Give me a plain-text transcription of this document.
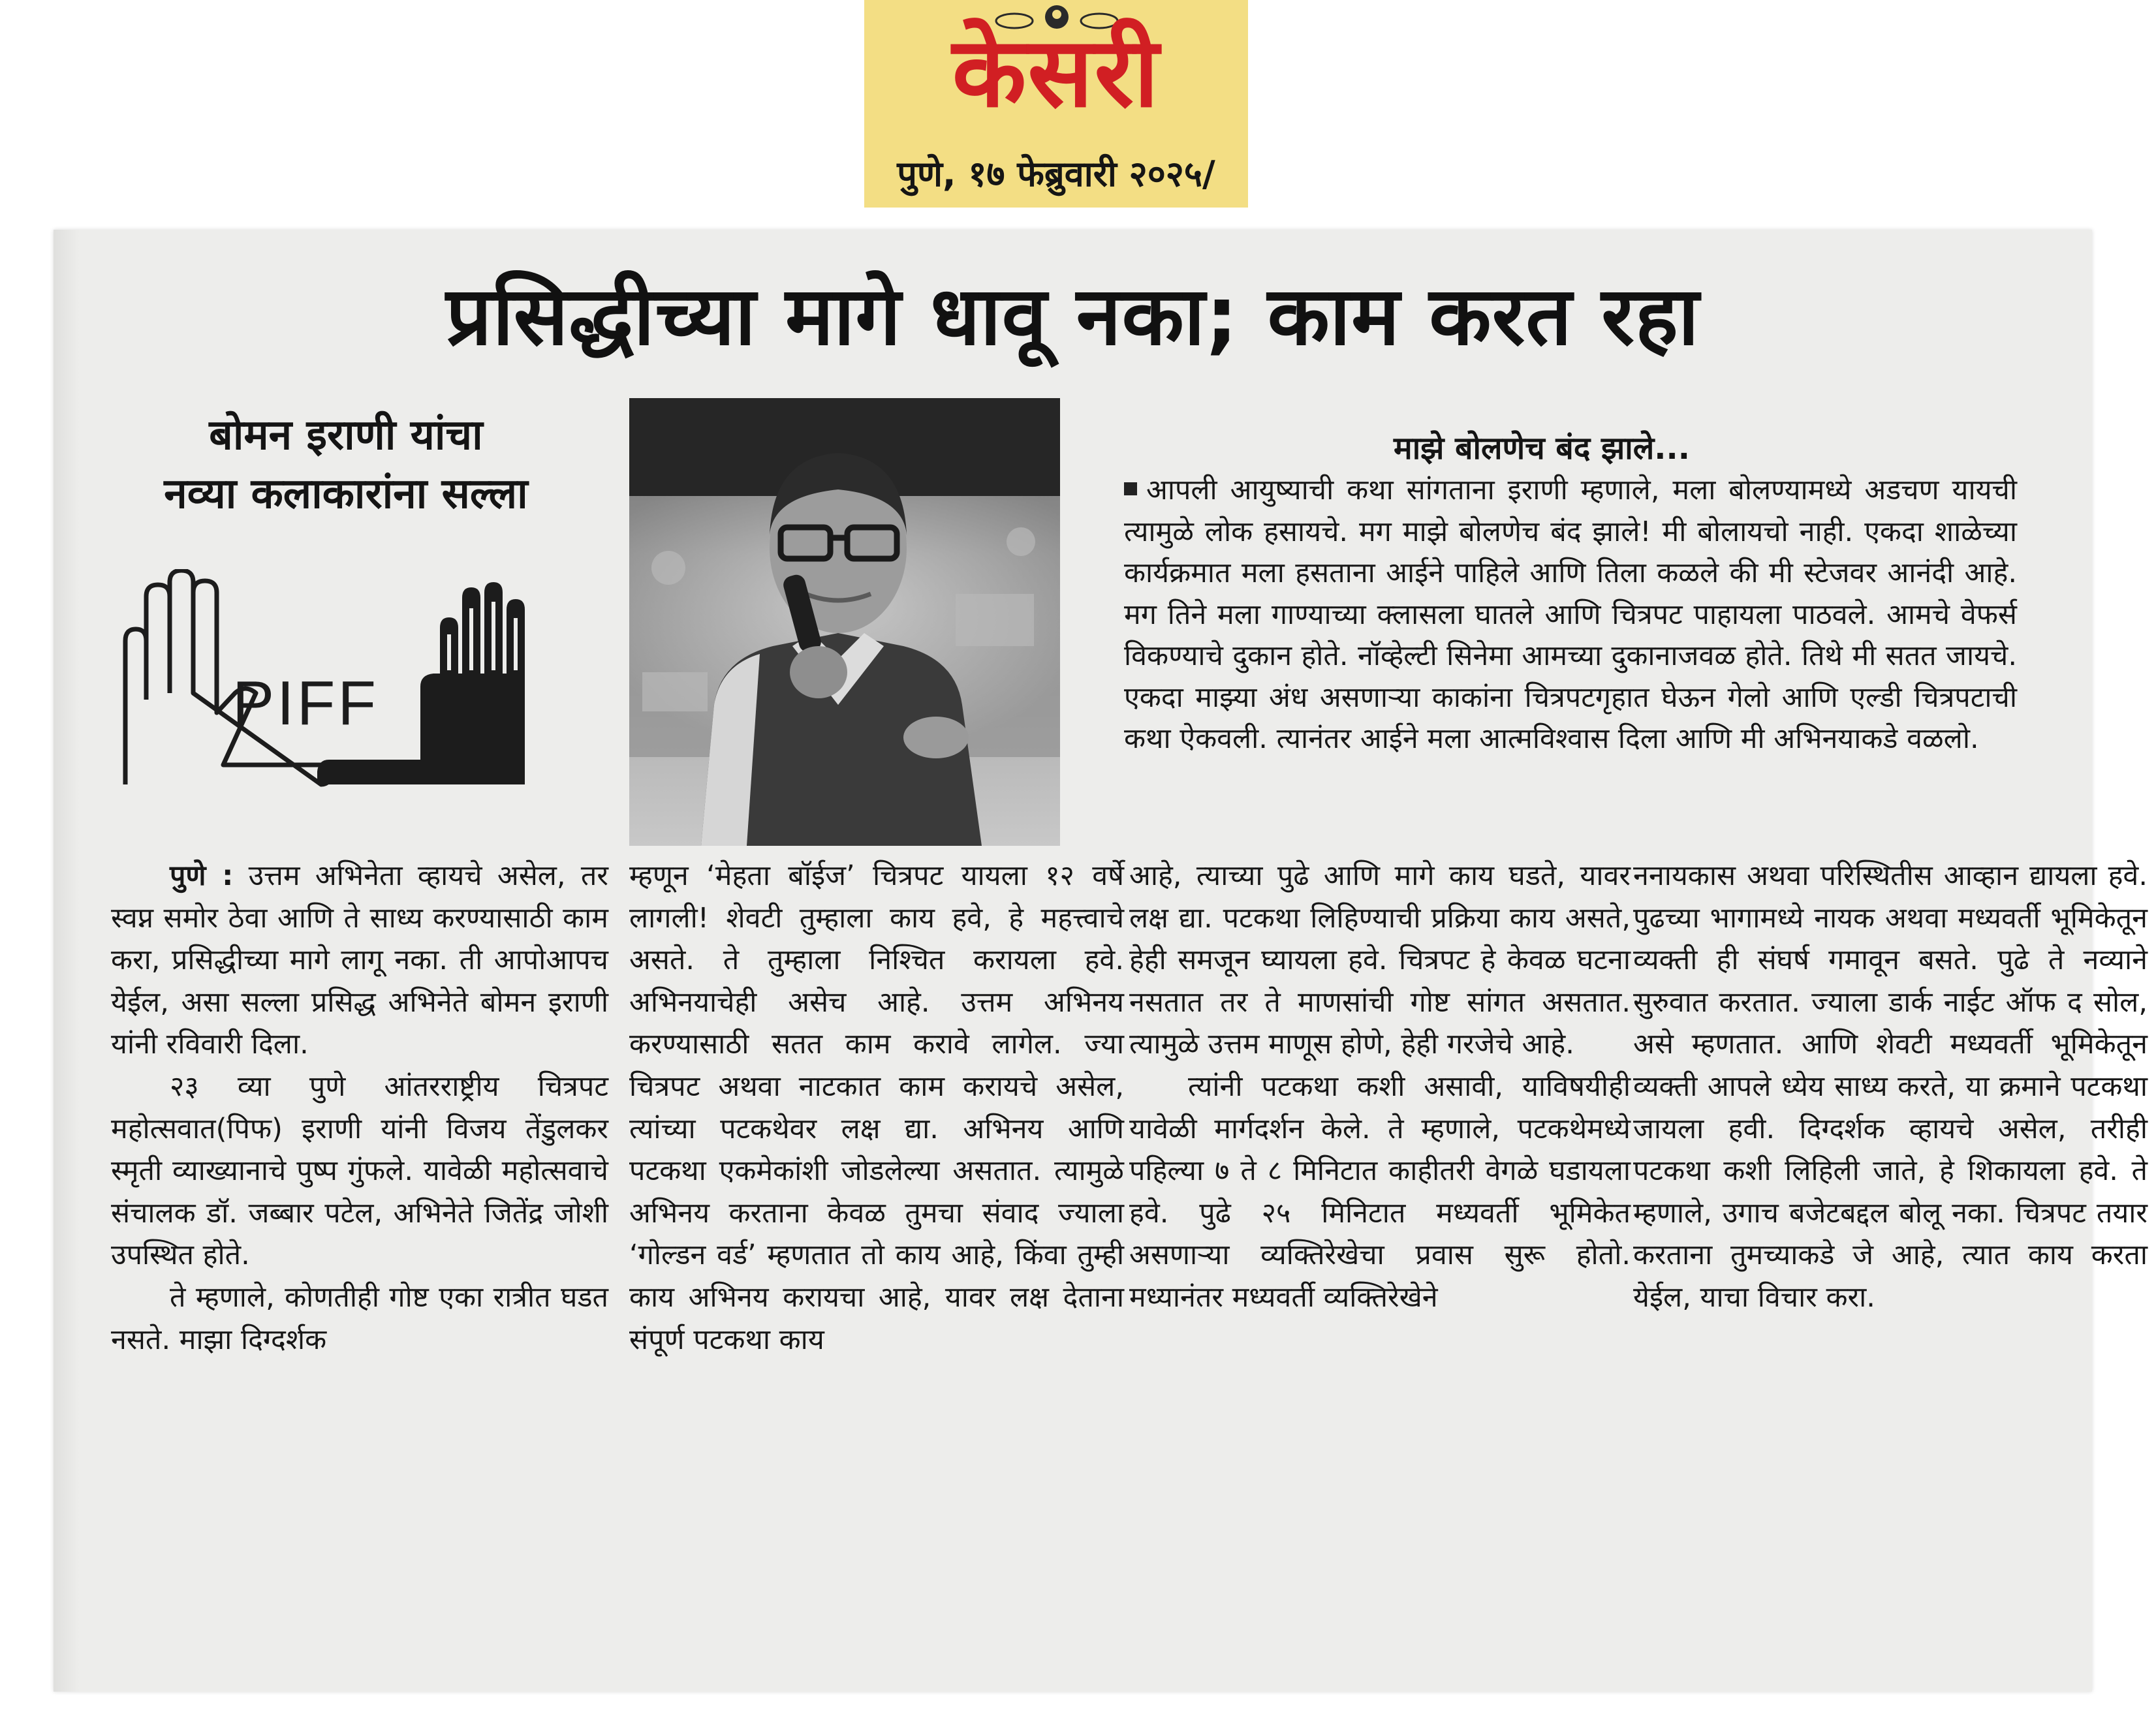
केसरी
पुणे, १७ फेब्रुवारी २०२५/
प्रसिद्धीच्या मागे धावू नका; काम करत रहा
बोमन इराणी यांचा
नव्या कलाकारांना सल्ला
PIFF
माझे बोलणेच बंद झाले...
आपली आयुष्याची कथा सांगताना इराणी म्हणाले, मला बोलण्यामध्ये अडचण यायची त्यामुळे लोक हसायचे. मग माझे बोलणेच बंद झाले! मी बोलायचो नाही. एकदा शाळेच्या कार्यक्रमात मला हसताना आईने पाहिले आणि तिला कळले की मी स्टेजवर आनंदी आहे. मग तिने मला गाण्याच्या क्लासला घातले आणि चित्रपट पाहायला पाठवले. आमचे वेफर्स विकण्याचे दुकान होते. नॉव्हेल्टी सिनेमा आमच्या दुकानाजवळ होते. तिथे मी सतत जायचे. एकदा माझ्या अंध असणाऱ्या काकांना चित्रपटगृहात घेऊन गेलो आणि एल्डी चित्रपटाची कथा ऐकवली. त्यानंतर आईने मला आत्मविश्वास दिला आणि मी अभिनयाकडे वळलो.

पुणे : उत्तम अभिनेता व्हायचे असेल, तर स्वप्न समोर ठेवा आणि ते साध्य करण्यासाठी काम करा, प्रसिद्धीच्या मागे लागू नका. ती आपोआपच येईल, असा सल्ला प्रसिद्ध अभिनेते बोमन इराणी यांनी रविवारी दिला.

२३ व्या पुणे आंतरराष्ट्रीय चित्रपट महोत्सवात(पिफ) इराणी यांनी विजय तेंडुलकर स्मृती व्याख्यानाचे पुष्प गुंफले. यावेळी महोत्सवाचे संचालक डॉ. जब्बार पटेल, अभिनेते जितेंद्र जोशी उपस्थित होते.

ते म्हणाले, कोणतीही गोष्ट एका रात्रीत घडत नसते. माझा दिग्दर्शक

म्हणून ‘मेहता बॉईज’ चित्रपट यायला १२ वर्षे लागली! शेवटी तुम्हाला काय हवे, हे महत्त्वाचे असते. ते तुम्हाला निश्चित करायला हवे. अभिनयाचेही असेच आहे. उत्तम अभिनय करण्यासाठी सतत काम करावे लागेल. ज्या चित्रपट अथवा नाटकात काम करायचे असेल, त्यांच्या पटकथेवर लक्ष द्या. अभिनय आणि पटकथा एकमेकांशी जोडलेल्या असतात. त्यामुळे अभिनय करताना केवळ तुमचा संवाद ज्याला ‘गोल्डन वर्ड’ म्हणतात तो काय आहे, किंवा तुम्ही काय अभिनय करायचा आहे, यावर लक्ष देताना संपूर्ण पटकथा काय

आहे, त्याच्या पुढे आणि मागे काय घडते, यावर लक्ष द्या. पटकथा लिहिण्याची प्रक्रिया काय असते, हेही समजून घ्यायला हवे. चित्रपट हे केवळ घटना नसतात तर ते माणसांची गोष्ट सांगत असतात. त्यामुळे उत्तम माणूस होणे, हेही गरजेचे आहे.

त्यांनी पटकथा कशी असावी, याविषयीही यावेळी मार्गदर्शन केले. ते म्हणाले, पटकथेमध्ये पहिल्या ७ ते ८ मिनिटात काहीतरी वेगळे घडायला हवे. पुढे २५ मिनिटात मध्यवर्ती भूमिकेत असणाऱ्या व्यक्तिरेखेचा प्रवास सुरू होतो. मध्यानंतर मध्यवर्ती व्यक्तिरेखेने

ननायकास अथवा परिस्थितीस आव्हान द्यायला हवे. पुढच्या भागामध्ये नायक अथवा मध्यवर्ती भूमिकेतून व्यक्ती ही संघर्ष गमावून बसते. पुढे ते नव्याने सुरुवात करतात. ज्याला डार्क नाईट ऑफ द सोल, असे म्हणतात. आणि शेवटी मध्यवर्ती भूमिकेतून व्यक्ती आपले ध्येय साध्य करते, या क्रमाने पटकथा जायला हवी. दिग्दर्शक व्हायचे असेल, तरीही पटकथा कशी लिहिली जाते, हे शिकायला हवे. ते म्हणाले, उगाच बजेटबद्दल बोलू नका. चित्रपट तयार करताना तुमच्याकडे जे आहे, त्यात काय करता येईल, याचा विचार करा.
